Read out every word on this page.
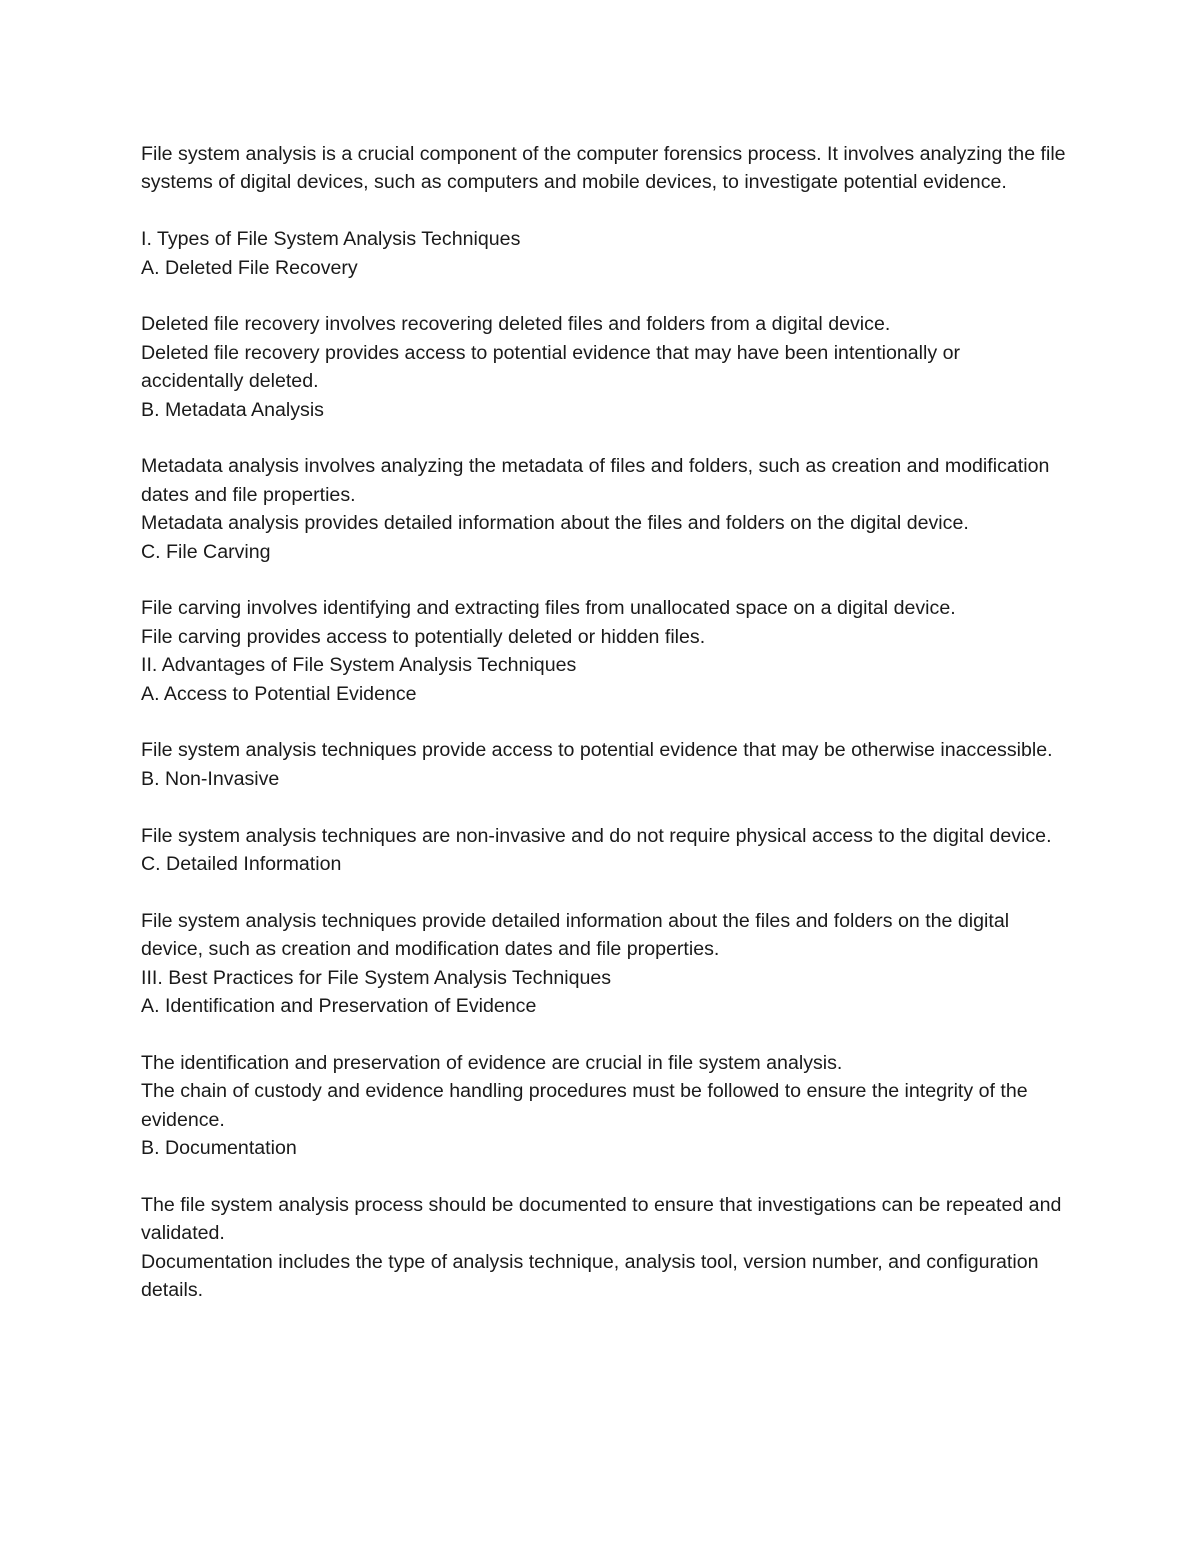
File system analysis is a crucial component of the computer forensics process. It involves analyzing the file systems of digital devices, such as computers and mobile devices, to investigate potential evidence.

I. Types of File System Analysis Techniques

A. Deleted File Recovery

Deleted file recovery involves recovering deleted files and folders from a digital device.

Deleted file recovery provides access to potential evidence that may have been intentionally or accidentally deleted.

B. Metadata Analysis

Metadata analysis involves analyzing the metadata of files and folders, such as creation and modification dates and file properties.

Metadata analysis provides detailed information about the files and folders on the digital device.

C. File Carving

File carving involves identifying and extracting files from unallocated space on a digital device.

File carving provides access to potentially deleted or hidden files.

II. Advantages of File System Analysis Techniques

A. Access to Potential Evidence

File system analysis techniques provide access to potential evidence that may be otherwise inaccessible.

B. Non-Invasive

File system analysis techniques are non-invasive and do not require physical access to the digital device.

C. Detailed Information

File system analysis techniques provide detailed information about the files and folders on the digital device, such as creation and modification dates and file properties.

III. Best Practices for File System Analysis Techniques

A. Identification and Preservation of Evidence

The identification and preservation of evidence are crucial in file system analysis.

The chain of custody and evidence handling procedures must be followed to ensure the integrity of the evidence.

B. Documentation

The file system analysis process should be documented to ensure that investigations can be repeated and validated.

Documentation includes the type of analysis technique, analysis tool, version number, and configuration details.
